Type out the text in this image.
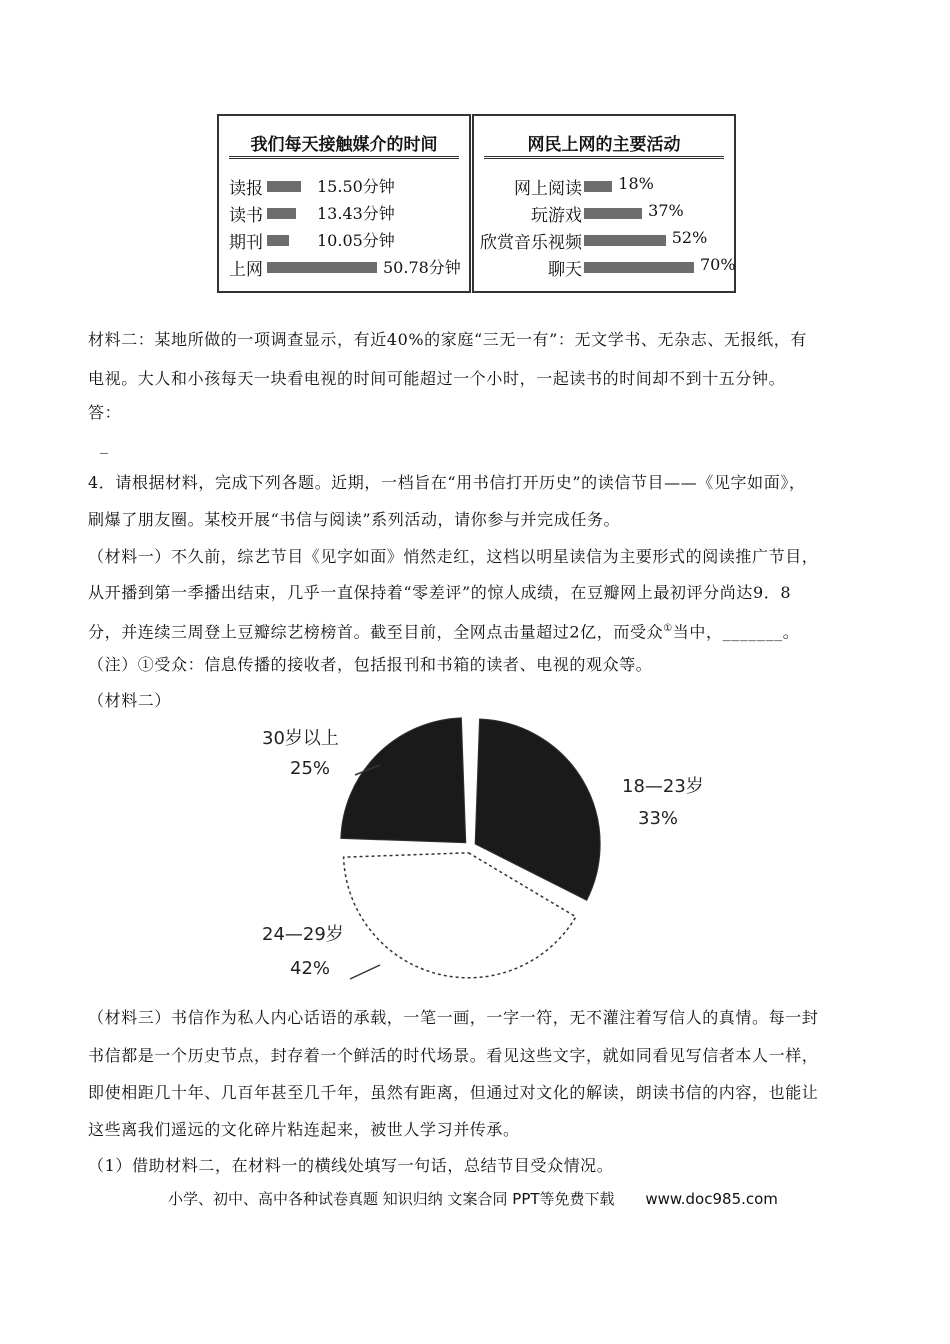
我们每天接触媒介的时间
读报	15.50分钟
读书	13.43分钟
期刊	10.05分钟
上网	50.78分钟
网民上网的主要活动
网上阅读 18%
玩游戏	37%
欣赏音乐视频	52%
聊天	70%
材料二：某地所做的一项调查显示，有近40%的家庭“三无一有”：无文学书、无杂志、无报纸，有
电视。大人和小孩每天一块看电视的时间可能超过一个小时，一起读书的时间却不到十五分钟。
答：
_
4．请根据材料，完成下列各题。近期，一档旨在“用书信打开历史”的读信节目——《见字如面》，
刷爆了朋友圈。某校开展“书信与阅读”系列活动，请你参与并完成任务。
（材料一）不久前，综艺节目《见字如面》悄然走红，这档以明星读信为主要形式的阅读推广节目，
从开播到第一季播出结束，几乎一直保持着“零差评”的惊人成绩，在豆瓣网上最初评分尚达9．8
分，并连续三周登上豆瓣综艺榜榜首。截至目前，全网点击量超过2亿，而受众①当中，_______。
（注）①受众：信息传播的接收者，包括报刊和书箱的读者、电视的观众等。
（材料二）
30岁以上
25%
18—23岁
33%
24—29岁
42%
（材料三）书信作为私人内心话语的承载，一笔一画，一字一符，无不灌注着写信人的真情。每一封
书信都是一个历史节点，封存着一个鲜活的时代场景。看见这些文字，就如同看见写信者本人一样，
即使相距几十年、几百年甚至几千年，虽然有距离，但通过对文化的解读，朗读书信的内容，也能让
这些离我们遥远的文化碎片粘连起来，被世人学习并传承。
（1）借助材料二，在材料一的横线处填写一句话，总结节目受众情况。
小学、初中、高中各种试卷真题 知识归纳 文案合同 PPT等免费下载 www.doc985.com
